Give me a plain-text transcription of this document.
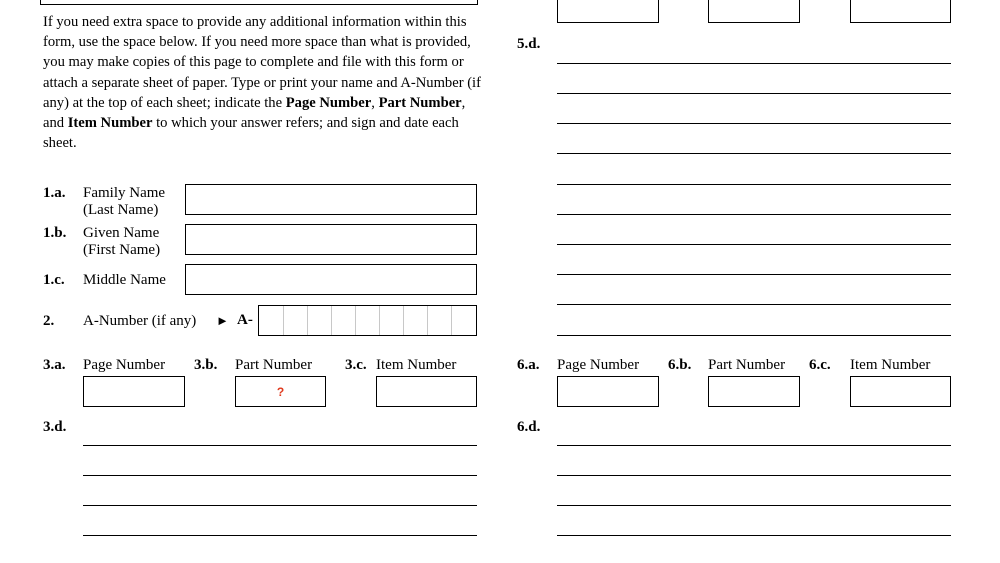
If you need extra space to provide any additional information within this form, use the space below. If you need more space than what is provided, you may make copies of this page to complete and file with this form or attach a separate sheet of paper. Type or print your name and A-Number (if any) at the top of each sheet; indicate the Page Number, Part Number, and Item Number to which your answer refers; and sign and date each sheet.
1.a. Family Name
(Last Name)
1.b. Given Name
(First Name)
1.c. Middle Name
2. A-Number (if any) ► A-
3.a. Page Number 3.b. Part Number 3.c. Item Number
?
3.d.
5.d.
6.a. Page Number 6.b. Part Number 6.c. Item Number
6.d.
